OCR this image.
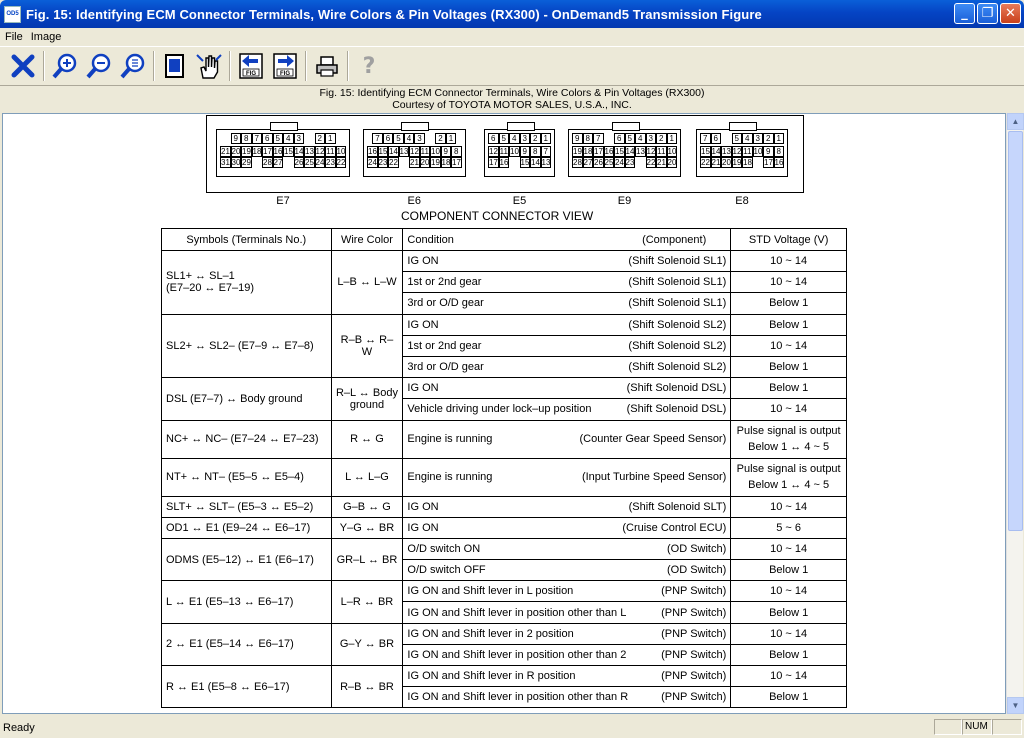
OD5 Fig. 15: Identifying ECM Connector Terminals, Wire Colors & Pin Voltages (RX300) - OnDemand5 Transmission Figure	_	❐ ✕
File Image
FIG	FIG	?
Fig. 15: Identifying ECM Connector Terminals, Wire Colors & Pin Voltages (RX300)
Courtesy of TOYOTA MOTOR SALES, U.S.A., INC.
9 8 7 6 5 4 3	2 1
21 20 19 18 17 16 15 14 13 12 11 10
31 30 29 28 27 26 25 24 23 22
E7
7 6 5 4 3	2 1
16 15 14 13 12 11 10 9 8
24 23 22 21 20 19 18 17
E6
6 5 4 3 2 1
12 11 10 9 8 7
17 16 15 14 13
E5
9 8 7	6 5 4 3 2 1
19 18 17 16 15 14 13 12 11 10
28 27 26 25 24 23 22 21 20
E9
7 6	5 4 3 2 1
15 14 13 12 11 10 9 8
22 21 20 19 18 17 16
E8
COMPONENT CONNECTOR VIEW
Symbols (Terminals No.)	Wire Color	Condition (Component)	STD Voltage (V)
SL1+ ↔ SL–1
(E7–20 ↔ E7–19)	L–B ↔ L–W	IG ON (Shift Solenoid SL1)	10 ~ 14

		1st or 2nd gear (Shift Solenoid SL1)	10 ~ 14

		3rd or O/D gear (Shift Solenoid SL1)	Below 1
SL2+ ↔ SL2– (E7–9 ↔ E7–8)	R–B ↔ R–W	IG ON (Shift Solenoid SL2)	Below 1

		1st or 2nd gear (Shift Solenoid SL2)	10 ~ 14

		3rd or O/D gear (Shift Solenoid SL2)	Below 1
DSL (E7–7) ↔ Body ground	R–L ↔ Body
ground	IG ON (Shift Solenoid DSL)	Below 1

		Vehicle driving under lock–up position (Shift Solenoid DSL)	10 ~ 14
NC+ ↔ NC– (E7–24 ↔ E7–23)	R ↔ G	Engine is running (Counter Gear Speed Sensor)	Pulse signal is output
Below 1 ↔ 4 ~ 5
NT+ ↔ NT– (E5–5 ↔ E5–4)	L ↔ L–G	Engine is running (Input Turbine Speed Sensor)	Pulse signal is output
Below 1 ↔ 4 ~ 5
SLT+ ↔ SLT– (E5–3 ↔ E5–2)	G–B ↔ G	IG ON (Shift Solenoid SLT)	10 ~ 14
OD1 ↔ E1 (E9–24 ↔ E6–17)	Y–G ↔ BR	IG ON (Cruise Control ECU)	5 ~ 6
ODMS (E5–12) ↔ E1 (E6–17)	GR–L ↔ BR	O/D switch ON (OD Switch)	10 ~ 14

		O/D switch OFF (OD Switch)	Below 1
L ↔ E1 (E5–13 ↔ E6–17)	L–R ↔ BR	IG ON and Shift lever in L position (PNP Switch)	10 ~ 14

		IG ON and Shift lever in position other than L (PNP Switch)	Below 1
2 ↔ E1 (E5–14 ↔ E6–17)	G–Y ↔ BR	IG ON and Shift lever in 2 position (PNP Switch)	10 ~ 14

		IG ON and Shift lever in position other than 2 (PNP Switch)	Below 1
R ↔ E1 (E5–8 ↔ E6–17)	R–B ↔ BR	IG ON and Shift lever in R position (PNP Switch)	10 ~ 14

		IG ON and Shift lever in position other than R (PNP Switch)	Below 1
▲
▼
Ready	NUM
